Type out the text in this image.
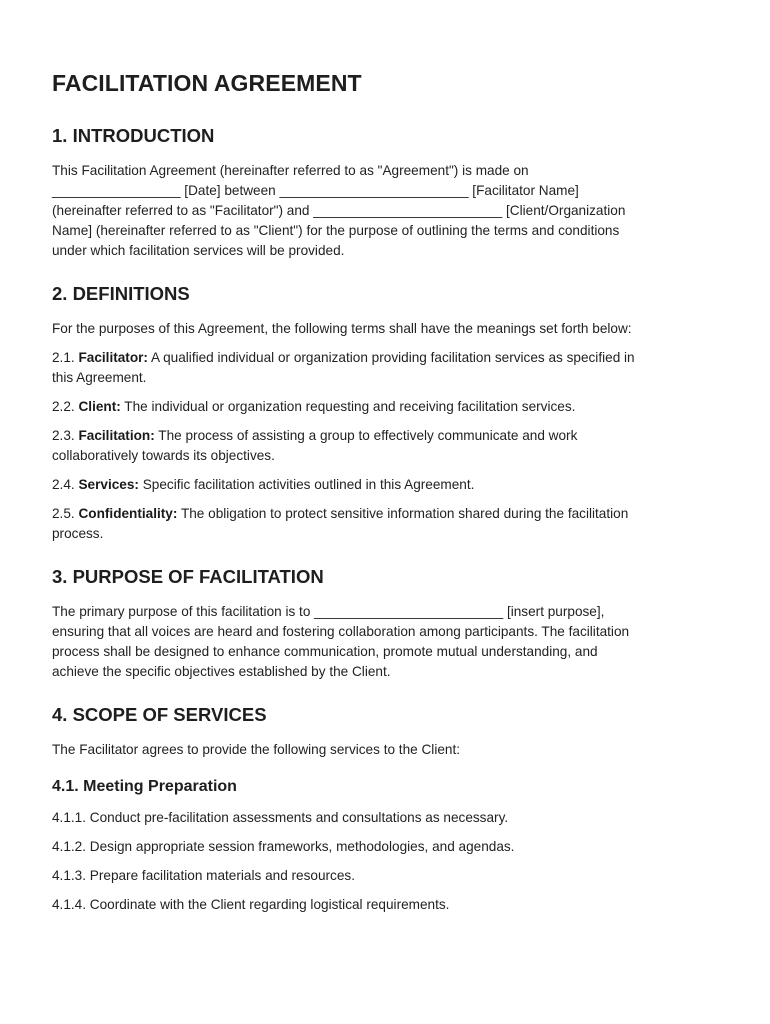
FACILITATION AGREEMENT
1. INTRODUCTION

This Facilitation Agreement (hereinafter referred to as "Agreement") is made on
_________________ [Date] between _________________________ [Facilitator Name]
(hereinafter referred to as "Facilitator") and _________________________ [Client/Organization
Name] (hereinafter referred to as "Client") for the purpose of outlining the terms and conditions
under which facilitation services will be provided.

2. DEFINITIONS

For the purposes of this Agreement, the following terms shall have the meanings set forth below:

2.1. Facilitator: A qualified individual or organization providing facilitation services as specified in
this Agreement.

2.2. Client: The individual or organization requesting and receiving facilitation services.

2.3. Facilitation: The process of assisting a group to effectively communicate and work
collaboratively towards its objectives.

2.4. Services: Specific facilitation activities outlined in this Agreement.

2.5. Confidentiality: The obligation to protect sensitive information shared during the facilitation
process.

3. PURPOSE OF FACILITATION

The primary purpose of this facilitation is to _________________________ [insert purpose],
ensuring that all voices are heard and fostering collaboration among participants. The facilitation
process shall be designed to enhance communication, promote mutual understanding, and
achieve the specific objectives established by the Client.

4. SCOPE OF SERVICES

The Facilitator agrees to provide the following services to the Client:

4.1. Meeting Preparation

4.1.1. Conduct pre-facilitation assessments and consultations as necessary.

4.1.2. Design appropriate session frameworks, methodologies, and agendas.

4.1.3. Prepare facilitation materials and resources.

4.1.4. Coordinate with the Client regarding logistical requirements.
